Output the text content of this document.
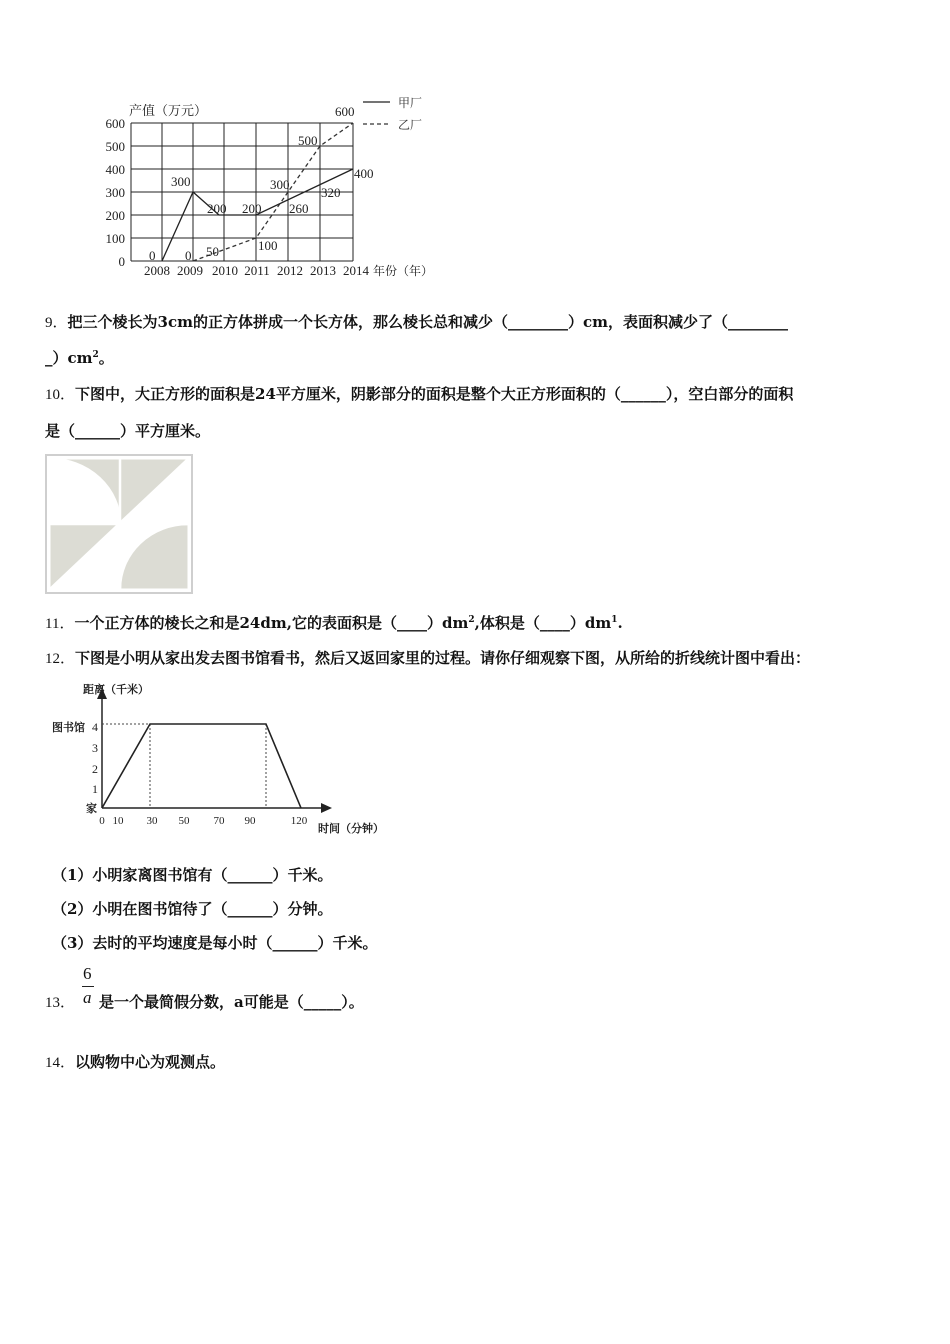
产值（万元）
600
500
400
300
200
100
0
2008 2009 2010 2011 2012 2013 2014 年份（年）
0
300
200 200 260
320
400
0 50	100
300
500
600
甲厂
乙厂
9．把三个棱长为3cm的正方体拼成一个长方体，那么棱长总和减少（________）cm，表面积减少了（________
$\_)cm^2$。
10．下图中，大正方形的面积是24平方厘米，阴影部分的面积是整个大正方形面积的（______），空白部分的面积
是（______）平方厘米。
11．一个正方体的棱长之和是24dm,它的表面积是$(\_\_\_\_)dm^2$,体积是$(\_\_\_\_)dm^1$.
12．下图是小明从家出发去图书馆看书，然后又返回家里的过程。请你仔细观察下图，从所给的折线统计图中看出：
距离（千米）
时间（分钟）
4
3
2
1
图书馆
家
0 10 30 50 70 90	120
（1）小明家离图书馆有（______）千米。
（2）小明在图书馆待了（______）分钟。
（3）去时的平均速度是每小时（______）千米。
13．
6
a 是一个最简假分数，a可能是（_____）。
14．以购物中心为观测点。
